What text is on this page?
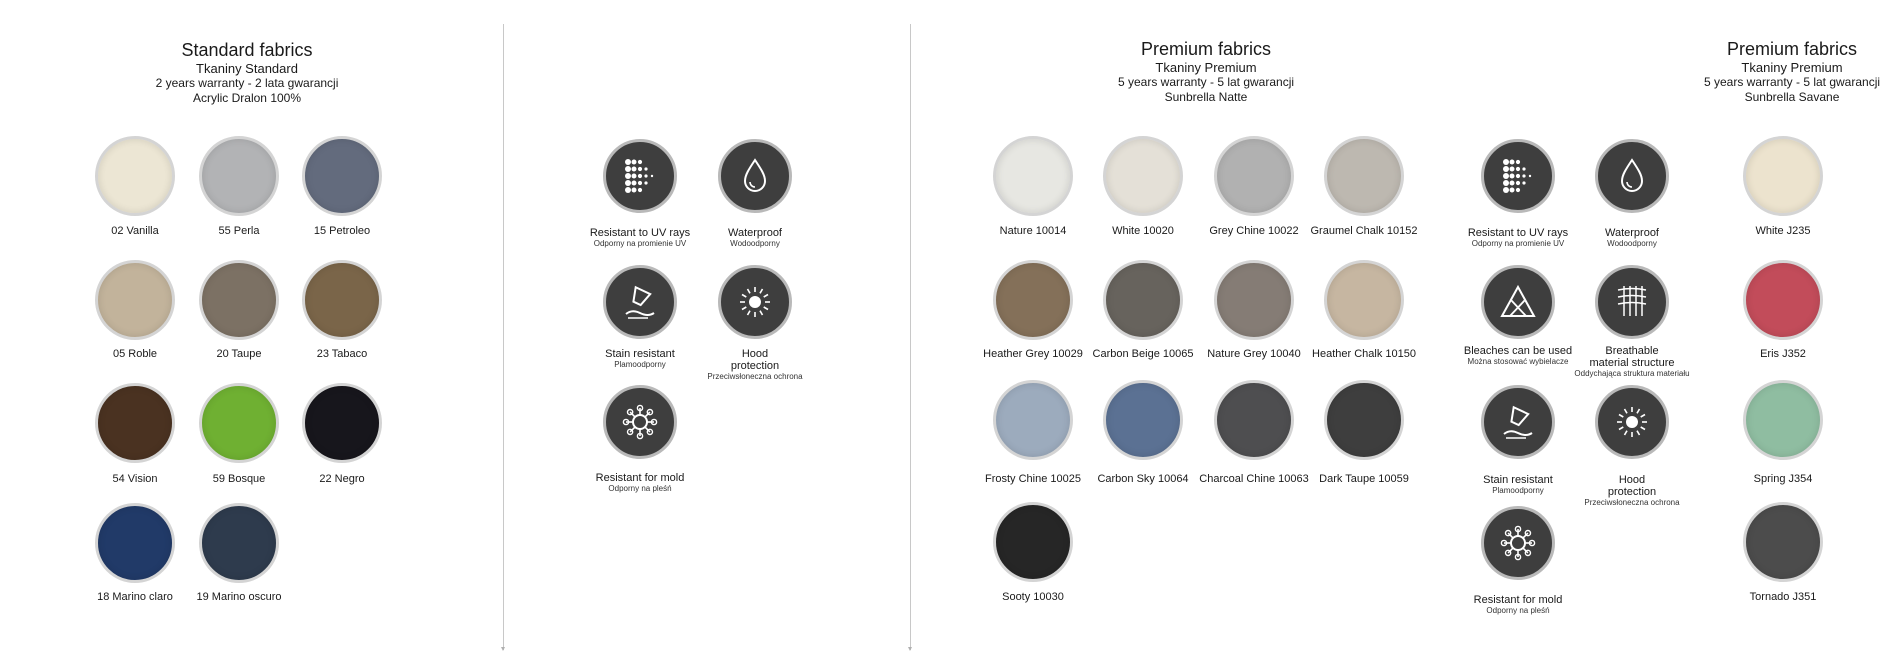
Standard fabrics
Tkaniny Standard
2 years warranty - 2 lata gwarancji
Acrylic Dralon 100%
Premium fabrics
Tkaniny Premium
5 years warranty - 5 lat gwarancji
Sunbrella Natte
Premium fabrics
Tkaniny Premium
5 years warranty - 5 lat gwarancji
Sunbrella Savane
02 Vanilla	55 Perla	15 Petroleo
05 Roble	20 Taupe	23 Tabaco
54 Vision	59 Bosque	22 Negro
18 Marino claro 19 Marino oscuro
Nature 10014	White 10020	Grey Chine 10022 Graumel Chalk 10152
Heather Grey 10029 Carbon Beige 10065 Nature Grey 10040 Heather Chalk 10150
Frosty Chine 10025 Carbon Sky 10064 Charcoal Chine 10063 Dark Taupe 10059
Sooty 10030
White J235
Eris J352
Spring J354
Tornado J351
Resistant to UV rays
Odporny na promienie UV
Waterproof
Wodoodporny
Stain resistant
Plamoodporny
Hood
protection
Przeciwsłoneczna ochrona
Resistant for mold
Odporny na pleśń
Resistant to UV rays
Odporny na promienie UV
Waterproof
Wodoodporny
Bleaches can be used
Można stosować wybielacze
Breathable
material structure
Oddychająca struktura materiału
Stain resistant
Plamoodporny
Hood
protection
Przeciwsłoneczna ochrona
Resistant for mold
Odporny na pleśń
